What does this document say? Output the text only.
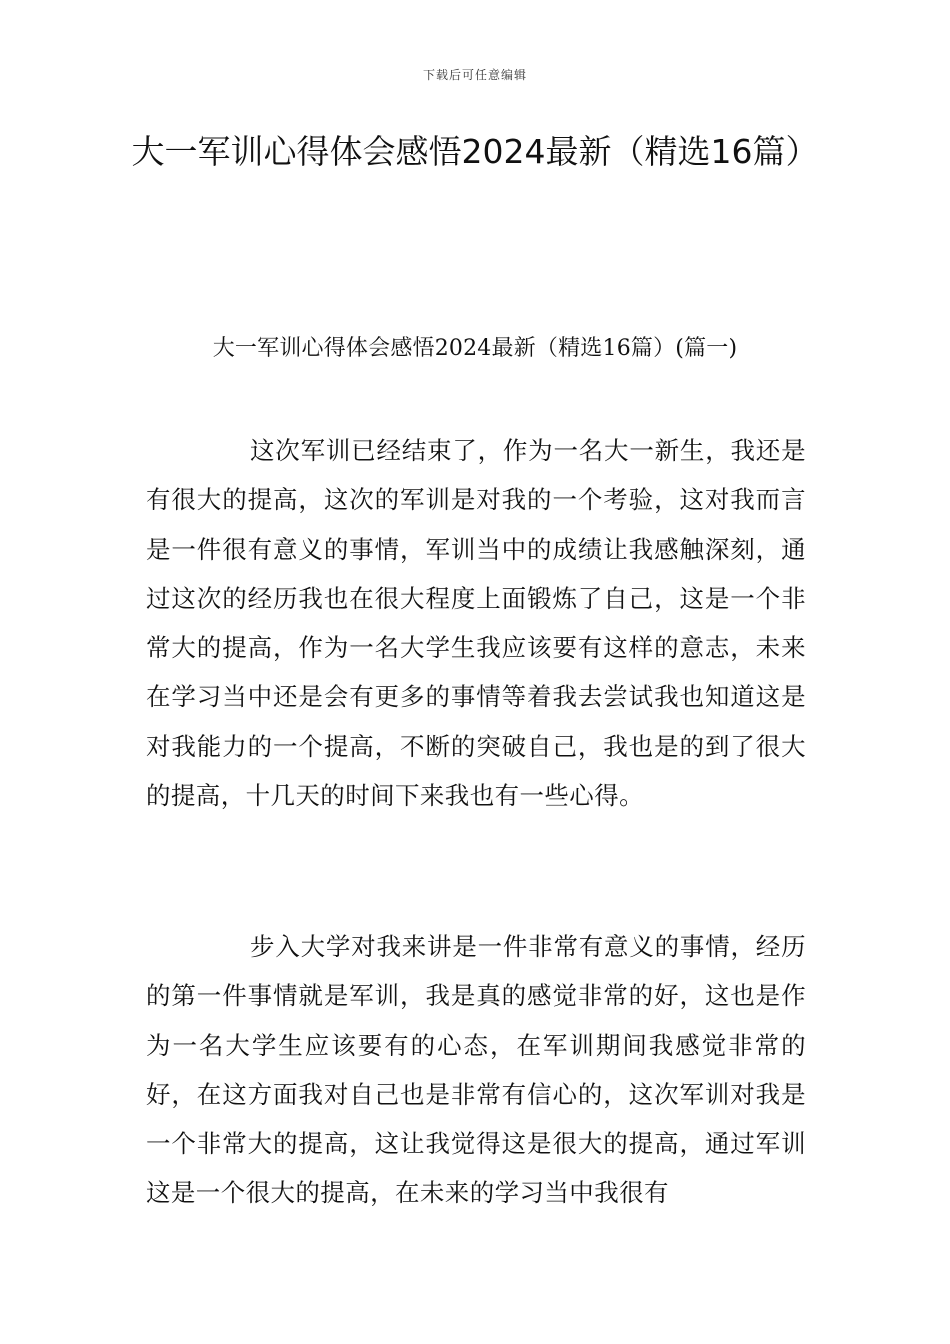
下载后可任意编辑
大一军训心得体会感悟2024最新（精选16篇）
大一军训心得体会感悟2024最新（精选16篇）(篇一)

这次军训已经结束了，作为一名大一新生，我还是有很大的提高，这次的军训是对我的一个考验，这对我而言是一件很有意义的事情，军训当中的成绩让我感触深刻，通过这次的经历我也在很大程度上面锻炼了自己，这是一个非常大的提高，作为一名大学生我应该要有这样的意志，未来在学习当中还是会有更多的事情等着我去尝试我也知道这是对我能力的一个提高，不断的突破自己，我也是的到了很大的提高，十几天的时间下来我也有一些心得。

步入大学对我来讲是一件非常有意义的事情，经历的第一件事情就是军训，我是真的感觉非常的好，这也是作为一名大学生应该要有的心态，在军训期间我感觉非常的好，在这方面我对自己也是非常有信心的，这次军训对我是一个非常大的提高，这让我觉得这是很大的提高，通过军训这是一个很大的提高，在未来的学习当中我很有
